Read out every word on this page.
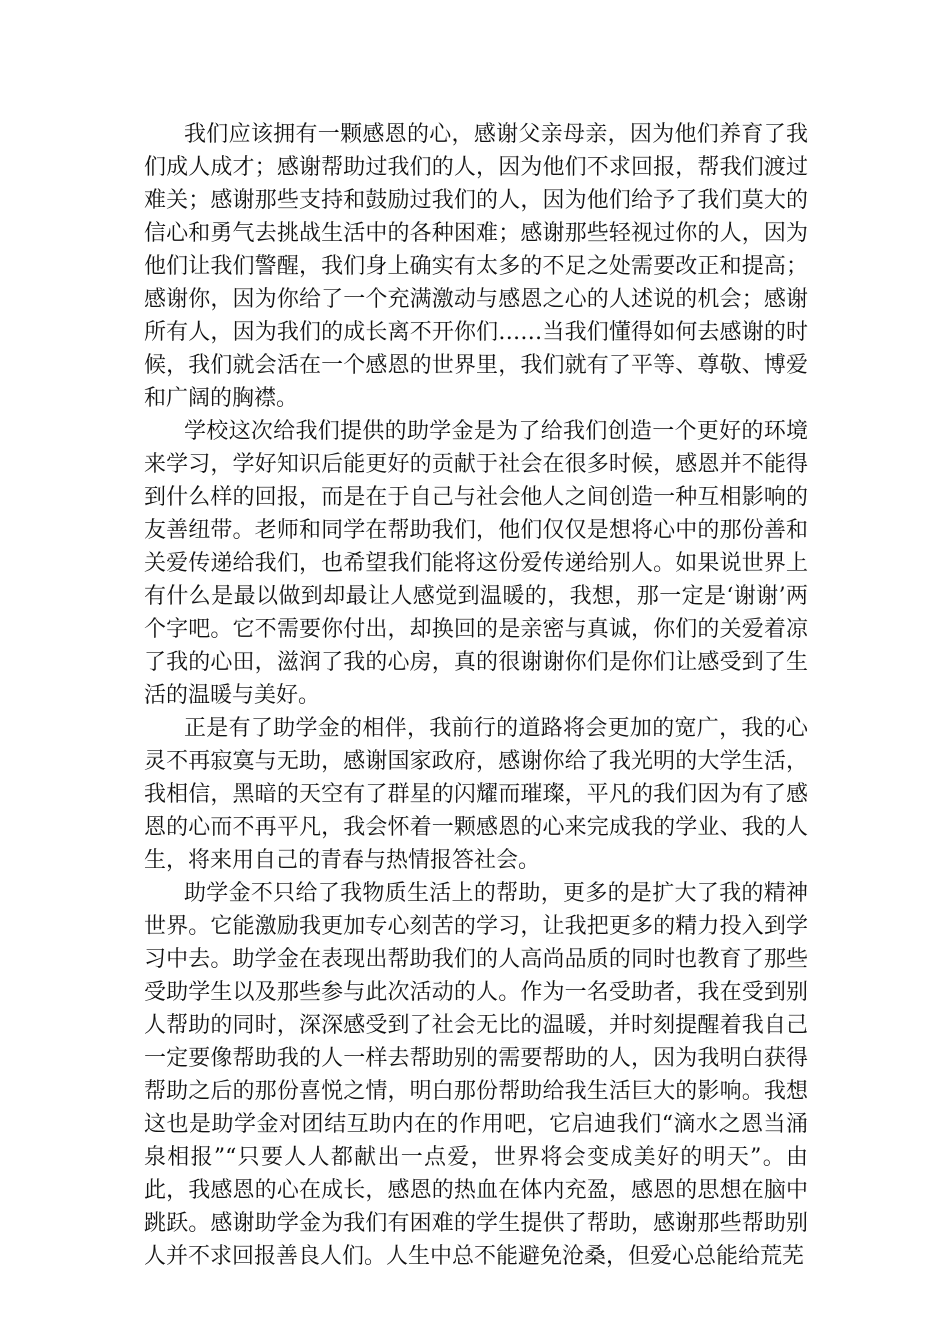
我们应该拥有一颗感恩的心，感谢父亲母亲，因为他们养育了我们成人成才；感谢帮助过我们的人，因为他们不求回报，帮我们渡过难关；感谢那些支持和鼓励过我们的人，因为他们给予了我们莫大的信心和勇气去挑战生活中的各种困难；感谢那些轻视过你的人，因为他们让我们警醒，我们身上确实有太多的不足之处需要改正和提高；感谢你，因为你给了一个充满激动与感恩之心的人述说的机会；感谢所有人，因为我们的成长离不开你们……当我们懂得如何去感谢的时候，我们就会活在一个感恩的世界里，我们就有了平等、尊敬、博爱和广阔的胸襟。

学校这次给我们提供的助学金是为了给我们创造一个更好的环境来学习，学好知识后能更好的贡献于社会在很多时候，感恩并不能得到什么样的回报，而是在于自己与社会他人之间创造一种互相影响的友善纽带。老师和同学在帮助我们，他们仅仅是想将心中的那份善和关爱传递给我们，也希望我们能将这份爱传递给别人。如果说世界上有什么是最以做到却最让人感觉到温暖的，我想，那一定是‘谢谢’两个字吧。它不需要你付出，却换回的是亲密与真诚，你们的关爱着凉了我的心田，滋润了我的心房，真的很谢谢你们是你们让感受到了生活的温暖与美好。

正是有了助学金的相伴，我前行的道路将会更加的宽广，我的心灵不再寂寞与无助，感谢国家政府，感谢你给了我光明的大学生活，我相信，黑暗的天空有了群星的闪耀而璀璨，平凡的我们因为有了感恩的心而不再平凡，我会怀着一颗感恩的心来完成我的学业、我的人生，将来用自己的青春与热情报答社会。

助学金不只给了我物质生活上的帮助，更多的是扩大了我的精神世界。它能激励我更加专心刻苦的学习，让我把更多的精力投入到学习中去。助学金在表现出帮助我们的人高尚品质的同时也教育了那些受助学生以及那些参与此次活动的人。作为一名受助者，我在受到别人帮助的同时，深深感受到了社会无比的温暖，并时刻提醒着我自己一定要像帮助我的人一样去帮助别的需要帮助的人，因为我明白获得帮助之后的那份喜悦之情，明白那份帮助给我生活巨大的影响。我想这也是助学金对团结互助内在的作用吧，它启迪我们“滴水之恩当涌泉相报”“只要人人都献出一点爱，世界将会变成美好的明天”。由此，我感恩的心在成长，感恩的热血在体内充盈，感恩的思想在脑中跳跃。感谢助学金为我们有困难的学生提供了帮助，感谢那些帮助别人并不求回报善良人们。人生中总不能避免沧桑，但爱心总能给荒芜
